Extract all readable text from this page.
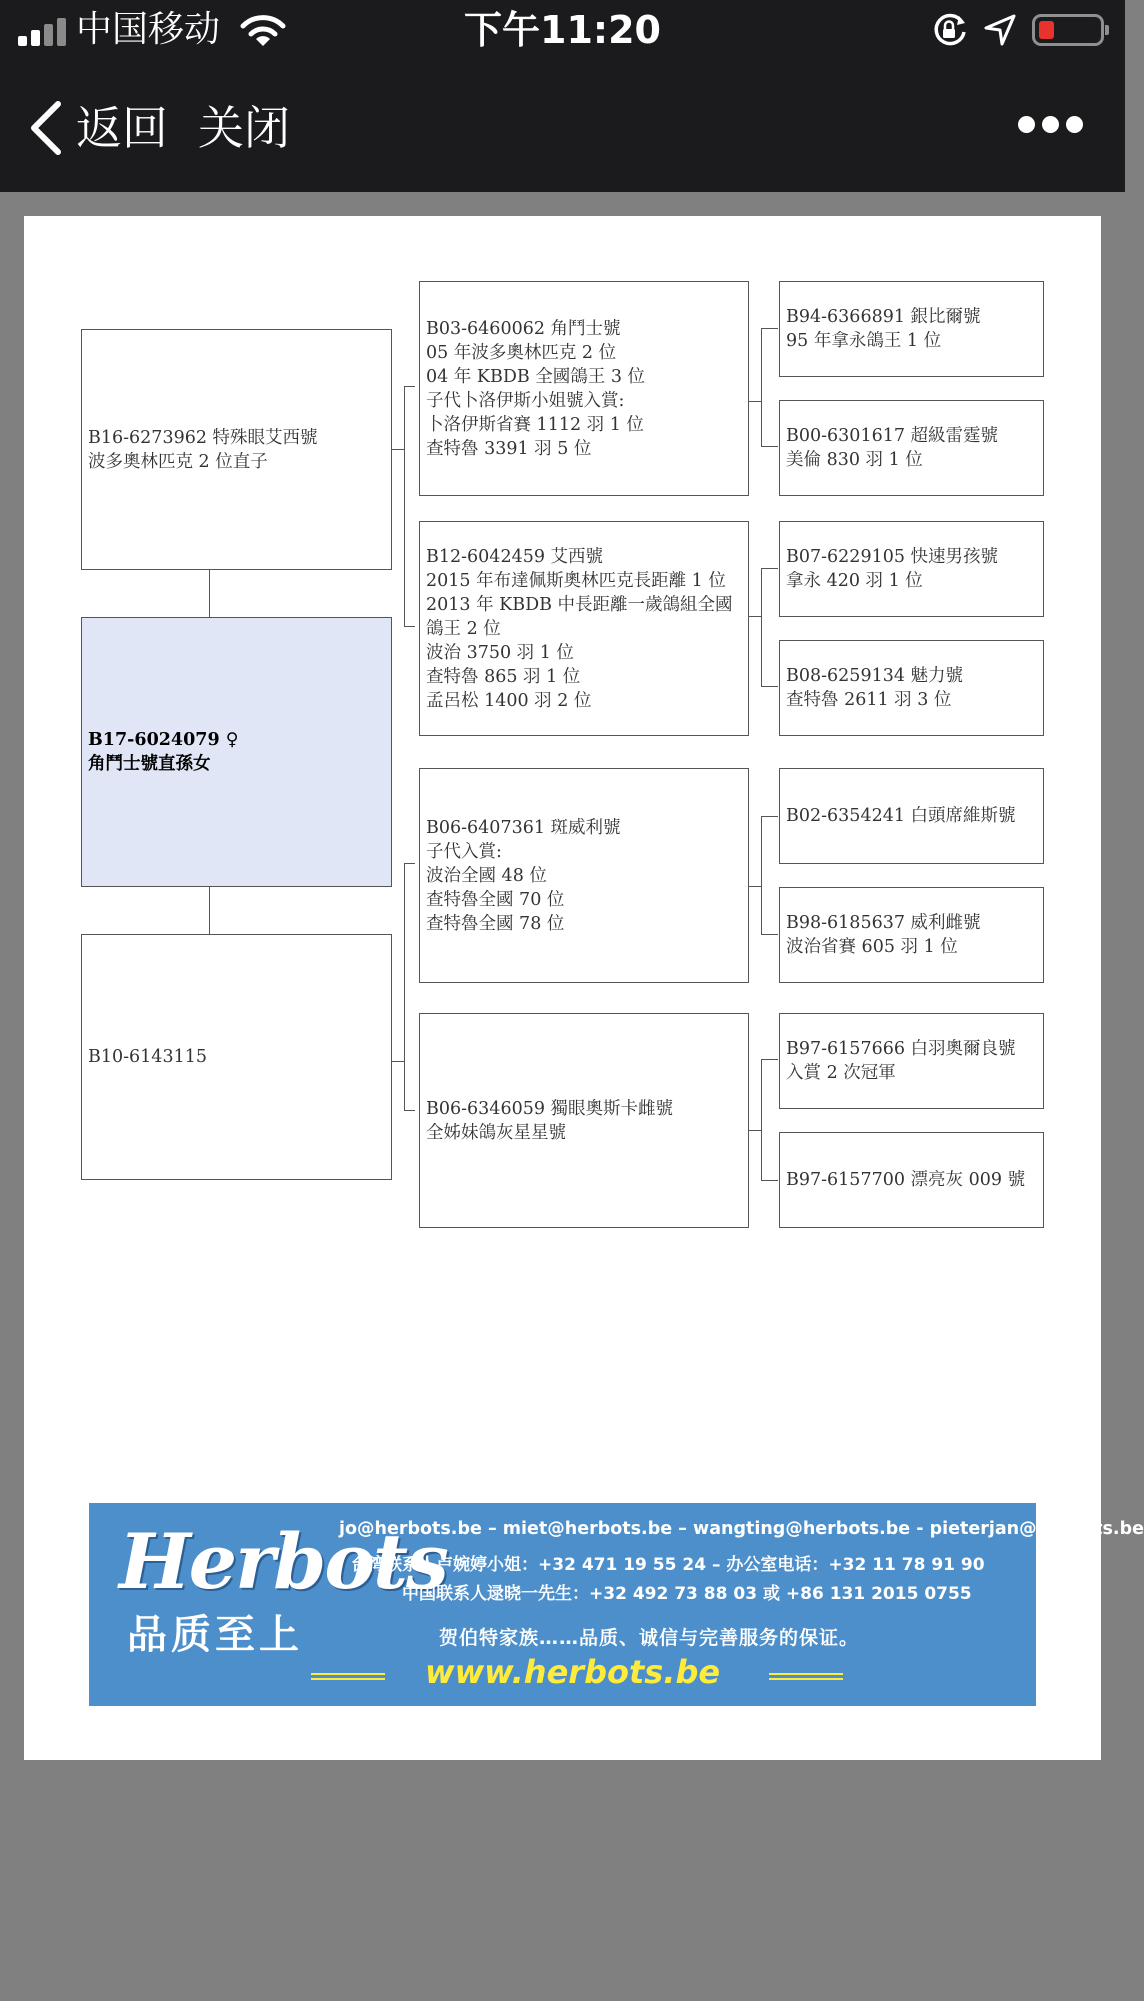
中国移动	下午11:20
返回 关闭
B16-6273962 特殊眼艾西號
波多奧林匹克 2 位直子
B17-6024079 ♀
角鬥士號直孫女
B10-6143115
B03-6460062 角鬥士號
05 年波多奧林匹克 2 位
04 年 KBDB 全國鴿王 3 位
子代卜洛伊斯小姐號入賞:
卜洛伊斯省賽 1112 羽 1 位
查特魯 3391 羽 5 位
B12-6042459 艾西號
2015 年布達佩斯奧林匹克長距離 1 位
2013 年 KBDB 中長距離一歲鴿組全國鴿王 2 位
波治 3750 羽 1 位
查特魯 865 羽 1 位
孟呂松 1400 羽 2 位
B06-6407361 斑威利號
子代入賞:
波治全國 48 位
查特魯全國 70 位
查特魯全國 78 位
B06-6346059 獨眼奧斯卡雌號
全姊妹鴿灰星星號
B94-6366891 銀比爾號
95 年拿永鴿王 1 位
B00-6301617 超級雷霆號
美倫 830 羽 1 位
B07-6229105 快速男孩號
拿永 420 羽 1 位
B08-6259134 魅力號
查特魯 2611 羽 3 位
B02-6354241 白頭席維斯號
B98-6185637 威利雌號
波治省賽 605 羽 1 位
B97-6157666 白羽奧爾良號
入賞 2 次冠軍
B97-6157700 漂亮灰 009 號
Herbots
品质至上
jo@herbots.be – miet@herbots.be – wangting@herbots.be - pieterjan@herbots.be
台湾联系人卢婉婷小姐：+32 471 19 55 24 – 办公室电话：+32 11 78 91 90
中国联系人逯晓一先生：+32 492 73 88 03 或 +86 131 2015 0755
贺伯特家族……品质、诚信与完善服务的保证。
www.herbots.be
